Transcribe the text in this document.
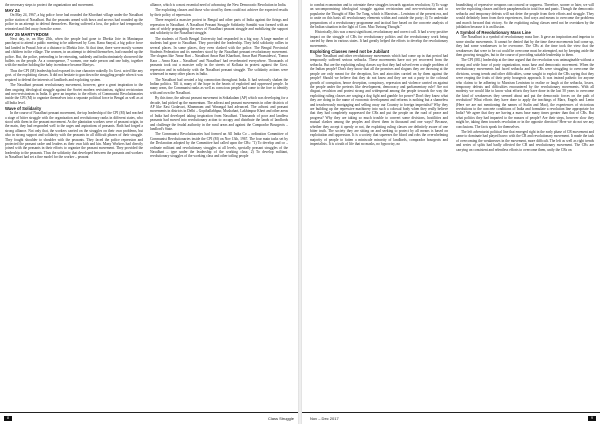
the necessary steps to protect the organization and movement.

MAY 24

On May 24, 1967, a big police force had rounded the Khoribari village under the Naxalbari police station of Naxalbari. But the peasants armed with bows and arrows had rounded up the police in an attempt to defend themselves. Having suffered a loss, the police had temporarily retreated and fled away from the scene.

MAY 25 MARTYRDOM

Next day, ie, on May 25th, when the people had gone to Dhekia Jote in Manianpur panchayat to attend a public meeting to be addressed by Com. Kanu Sanyal, a big police force had landed in Prasad Jote at a distance to Dhekia Jote. At that time, there were mostly women and children in the village. The women, in an attempt to defend themselves, had rounded up the police. But, the police, pretending to be retreating, suddenly and indiscriminately showered the bullets on the people. As a consequence, 7 women, one male person and one baby, together with the mother holding the baby in embrace became Martyrs.

Thus the CPI (M) leadership had exposed its true character nakedly. Its Govt. acted like any govt. of the exploiting classes. It did not hesitate to gun down the struggling people when it was required to defend the interests of landlords and exploiting system.

The Naxalbari peasant revolutionary movement, however, gave a great inspiration to the then ongoing ideological struggle against the Soviet modern revisionism, rightist revisionism and neo-revisionism in India. It gave an impetus to the efforts of Communist Revolutionaries inside the CPI (M) to organize themselves into a separate political force in Bengal as well as at all India level.

Wave of Solidarity

In the course of Naxalbari peasant movement, the top leadership of the CPI (M) had reached a stage of bitter struggle with the organization and revolutionary ranks in different states, who stood with them in the peasant movement. As the plantation workers were of peasant origin, in the main, they had responded well to the urges and aspirations of peasants. Both had forged a strong alliance. Not only that, the workers carried on the struggles on their own problems, but also in strong support and solidarity with the peasants in all difficult phases of their struggle. They fought shoulder to shoulder with the peasants. They faced the police repression and protected the peasant cadre and leaders as their own kith and kin. Many Workers had directly joined with the peasants in their efforts to organize the peasant movement. They provided the leadership to the peasants. Thus the solidarity that developed between the peasants and workers in Naxalbari had set a fine model for the worker – peasant

alliance, which is a most essential need of advancing the New Democratic Revolution in India.

The exploiting classes and those who stood by them could not achieve the expected results by their policy of repression.

There erupted a massive protest in Bengal and other parts of India against the firings and repression in Naxalbari. A Naxalbari Peasant Struggle Solidarity Samithi was formed with an aim of widely propagating the news of Naxalbari peasant struggle and mobilizing the support and solidarity to the Naxalbari struggle.

The students of North Bengal University had responded in a big way. A large number of students had gone to Naxalbari. They provided the leadership. They held solidarity rallies in several places. In some places, they even clashed with the police. The Bengal Provincial Students Federation and its members stood by the Naxalbari peasant revolutionary movement. The slogans like 'Amar Bari – Naxalbari Amar Bari Kharibari, Amar Bari Phansidewa', 'Tomra Kara – Amra Kara – Naxalbari' and 'Naxalbari' had reverberated everywhere. Thousands of peasants took out a massive rally in the streets of Kolkata in protest against the Govt. repression and in solidarity with the Naxalbari peasant struggle. The solidarity actions were witnessed in many other places in India.

The Naxalbari had created a big commotion throughout India. It had seriously shaken the Indian politics. Till it, many of the hope in the hearts of exploited and oppressed people. In many areas, the Communist ranks as well as conscious people had come to the fore to identify with and own the Naxalbari.

By this time, the adivasi peasant movement in Srikakulam (AP) which was developing for a decade, had picked up the momentum. The adivasi and peasant movements in other districts of AP like East Godavari, Khammam and Warangal had advanced. The adivasi and peasant movements in districts in Delhi – Gopiballabhpur, Mushahari, Lakhimpur Kheri and other areas of India had developed taking inspiration from Naxalbari. Thousands of poor and landless peasants had moved into revolutionary action to occupy and distribute the lands of landlords and challenge the feudal authority in the rural areas and against the Comprador Bourgeois – landlord's State.

The Communist Revolutionaries had formed an All India Co – ordination Committee of Communist Revolutionaries inside the CPI (M) on Nov 13th, 1967. The four main tasks set by the Declaration adopted by the Committee had called upon the CRs: "1) To develop and co – ordinate militant and revolutionary struggles at all levels, specially peasant struggles of the Naxalbari – type under the leadership of the working class; 2) To develop militant, revolutionary struggles of the working class and other toiling people

8	Class Struggle

to combat economism and to orientate these struggles towards agrarian revolution; 3) To wage an uncompromising ideological struggle against revisionism and neo-revisionism and to popularise the Thought of Mao Tse Tung, which is Marxism – Leninism of the present era, and to unite on this basis all revolutionary elements within and outside the party; 4) To undertake preparations of a revolutionary programme and tactical line based on the concrete analysis of the Indian situation in the light of Com. Mao Tsetung Thought."

Historically, this was a most significant, revolutionary and correct call. It had a very positive impact on the struggle of CRs for revolutionary politics and the revolutionary work being carried by them in various states. It had greatly helped the efforts to develop the revolutionary movements.

Exploiting Classes need not be Jubilant

True Naxalbari and other revolutionary movements which had come up in that period had temporarily suffered serious setbacks. These movements have not yet recovered from the setbacks. But are the exploiting ruling classes say that they had solved even a single problem of the Indian people? Don't they know that all the promises and slogans they are throwing at the people are only meant for the deception, lies and atrocities carried on by them against the people? Should we believe that they do not know and they are not a party to the colossal growth of corruption, hence deception, conspiracy, repression and violence carried on against the people under the pretexts like development, democracy and parliamentary rule? Are not disgust, revulsion and protest strong and widespread among the people towards the way the exploiting ruling classes are waging a dog fight and gamble for power? Don't they know what they are doing in the name of economic development and reforms is nothing but a shameless and treacherously mortgaging and selling away our Country to foreign imperialist? Why they are building up the repressive machinery into such a colossal body when they really believe that they had completely suppressed the CRs and put the people on the road of peace and progress? Why they are taking so much trouble to convert some divisions, hostilities and mutual clashes among the peoples and divert them in thousand and one ways? Because, whether they accept it openly or not, the exploiting ruling classes are definitely aware of one bitter truth. The society they are sitting on and seeking to protect by all means is based on exploitation and oppression. It is a society that squeezes the blood and robs the overwhelming majority of people to fatten a miniscule minority of landlords, comprador bourgeois and imperialists. It is a truth of life that no masks, no hypocrisy, no

brandishing of repressive weapons can conceal or suppress. Therefore, sooner or later, we will see the exploiting classes and their paraphernalia in total fear and panic. Though the democratic setbacks and temporary defeats will not deter the people from their efforts and struggle. They would definitely learn from their experiences, find ways and means to overcome the problems and march forward that victory. So the exploiting ruling classes need not be overtaken by the jubilation because it is an illusion.

A Symbol of Revolutionary Mass Line

The Naxalbari is a symbol of revolutionary mass line. It gave an inspiration and impetus to some similar movements. It cannot be denied that by the time these movements had come up, they had some weaknesses to be overcome. The CRs at the time took the view that the weaknesses that were to be cut could be overcome must be attempted, not by keeping aside the then growing struggles, but in the course of providing suitable leadership to them.

The CPI (ML) leadership at the time argued that the revolution was unimaginable without a strong and wide base of party organization, mass base and democratic movement. When the revolutionary movements had faced setbacks and the CRs were struggling to overcome the divisions, wrong trends and other difficulties, some sought to exploit the CRs saying that they were reaping the fruits of their petty bourgeois approach. It was instead pathetic for anyone who claims to be adhering to Marxism Leninism to realise or laugh at the setbacks, losses, temporary defeats and difficulties encountered by the revolutionary movements. With all modesty we would like to know what efforts they have done in the last 50 years to overcome the kind of weaknesses they seemed about and put the democratic forces on the path of revolution? What efforts they have done to apply the teachings of Marx, Engels and Lenin (Here we are not mentioning the names of Stalin and Mao), the experiences of victorious revolutions to the concrete conditions of India and formulate a revolution line appropriate for India? We agree that they are having a mass base many times greater than that of CRs. But what politics they had imparted to the masses of people? Are their steps, however slow they might be, taking them towards revolution or in the opposite direction? Here we do not see any conclusions. The facts speak for themselves.

The left adventurist political line that emerged right in the early phase of CR movement and came to dominate had played havoc with the CR and revolutionary movement. It made the task of overcoming the weaknesses in the movement, more difficult. The left as well as right trends and series of splits had badly affected the CR and revolutionary movement. The CRs are carrying on consistent and relentless efforts to overcome them, unify the CRs on

Nov – Dec 2017	9
